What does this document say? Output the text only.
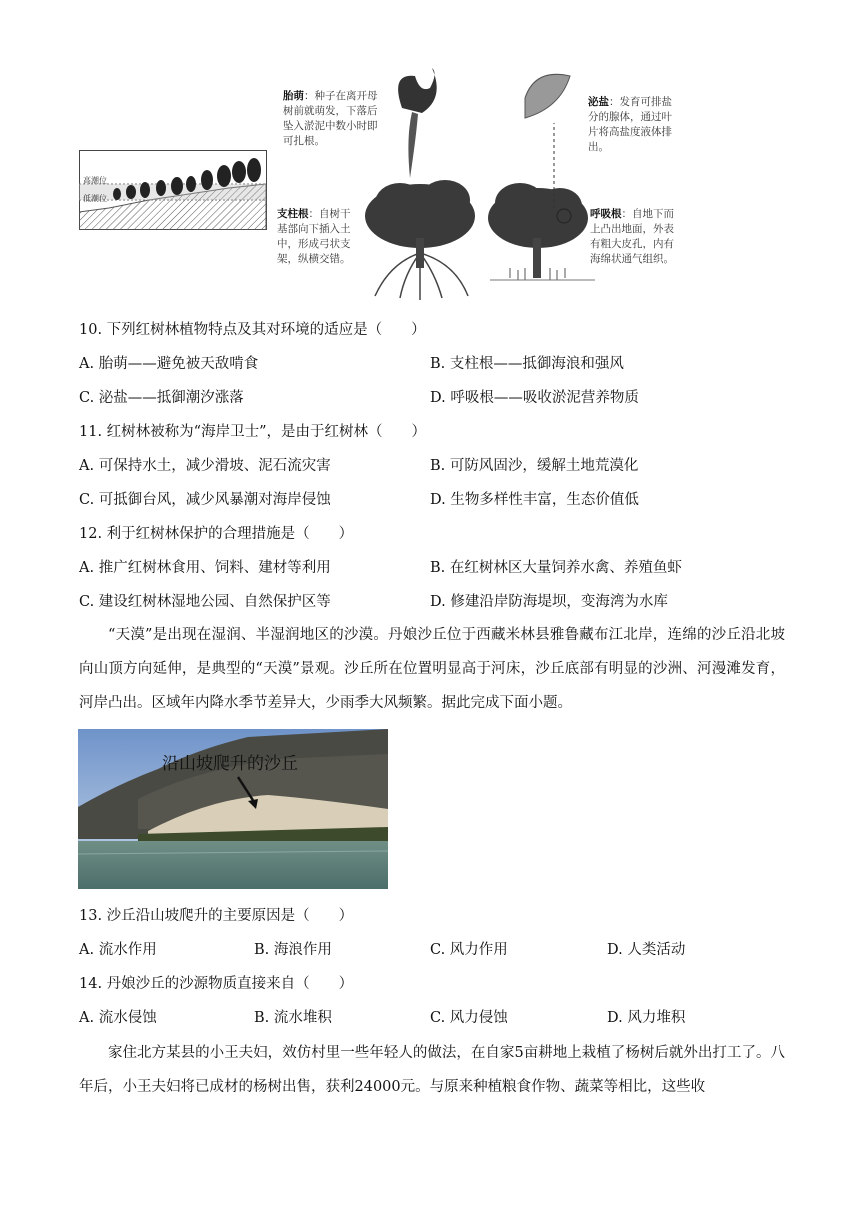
高潮位
低潮位
胎萌：种子在离开母树前就萌发，下落后坠入淤泥中数小时即可扎根。
支柱根：自树干基部向下插入土中，形成弓状支架，纵横交错。
泌盐：发育可排盐分的腺体，通过叶片将高盐度液体排出。
呼吸根：自地下而上凸出地面，外表有粗大皮孔，内有海绵状通气组织。
10. 下列红树林植物特点及其对环境的适应是（　　）
A. 胎萌——避免被天敌啃食	B. 支柱根——抵御海浪和强风
C. 泌盐——抵御潮汐涨落	D. 呼吸根——吸收淤泥营养物质
11. 红树林被称为“海岸卫士”，是由于红树林（　　）
A. 可保持水土，减少滑坡、泥石流灾害	B. 可防风固沙，缓解土地荒漠化
C. 可抵御台风，减少风暴潮对海岸侵蚀	D. 生物多样性丰富，生态价值低
12. 利于红树林保护的合理措施是（　　）
A. 推广红树林食用、饲料、建材等利用	B. 在红树林区大量饲养水禽、养殖鱼虾
C. 建设红树林湿地公园、自然保护区等	D. 修建沿岸防海堤坝，变海湾为水库
“天漠”是出现在湿润、半湿润地区的沙漠。丹娘沙丘位于西藏米林县雅鲁藏布江北岸，连绵的沙丘沿北坡向山顶方向延伸，是典型的“天漠”景观。沙丘所在位置明显高于河床，沙丘底部有明显的沙洲、河漫滩发育，河岸凸出。区域年内降水季节差异大，少雨季大风频繁。据此完成下面小题。
沿山坡爬升的沙丘
13. 沙丘沿山坡爬升的主要原因是（　　）
A. 流水作用	B. 海浪作用	C. 风力作用	D. 人类活动
14. 丹娘沙丘的沙源物质直接来自（　　）
A. 流水侵蚀	B. 流水堆积	C. 风力侵蚀	D. 风力堆积
家住北方某县的小王夫妇，效仿村里一些年轻人的做法，在自家5亩耕地上栽植了杨树后就外出打工了。八年后，小王夫妇将已成材的杨树出售，获利24000元。与原来种植粮食作物、蔬菜等相比，这些收
